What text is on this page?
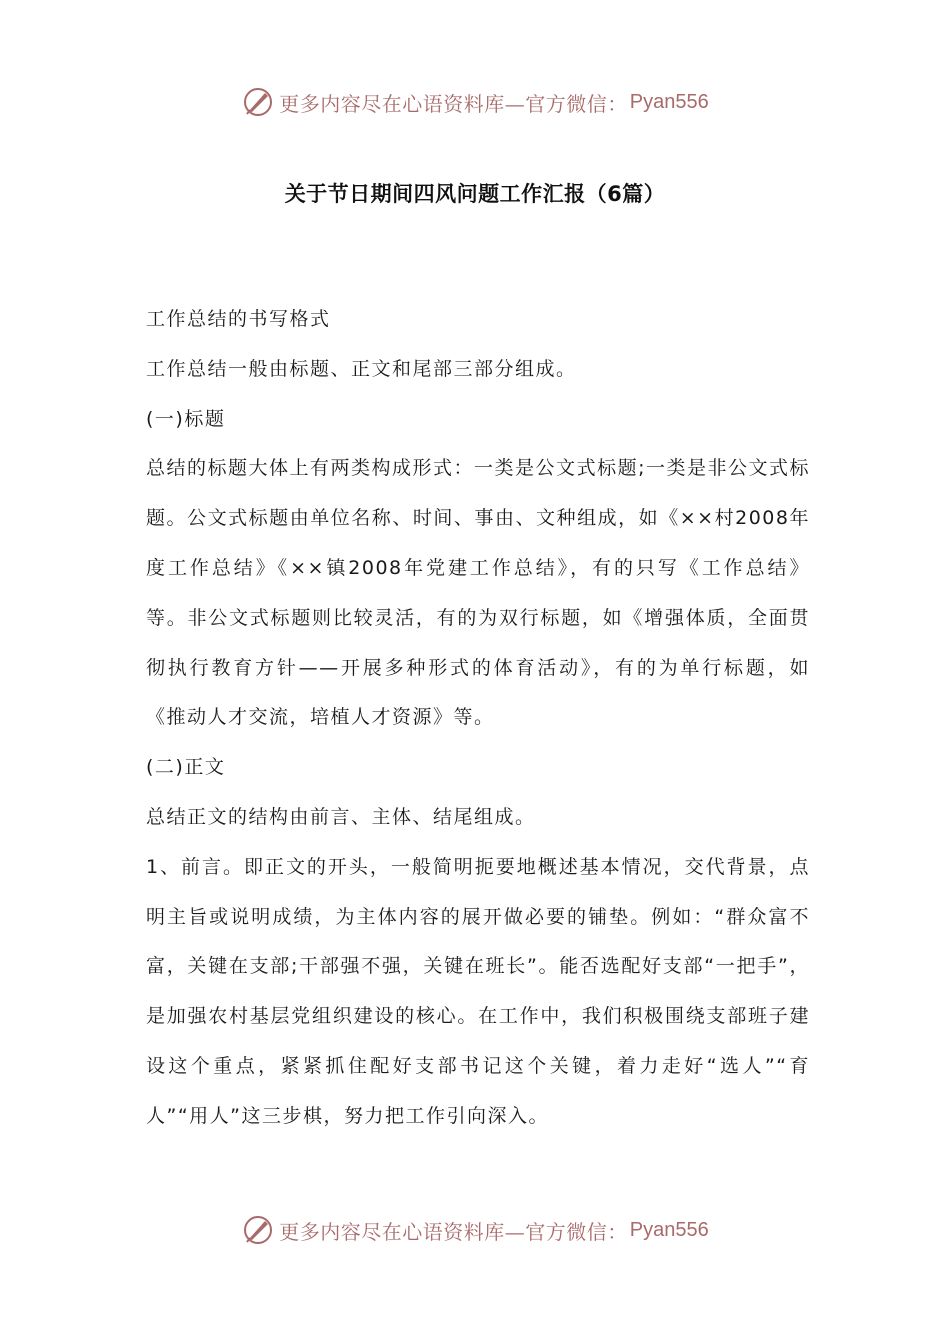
更多内容尽在心语资料库—官方微信： Pyan556
关于节日期间四风问题工作汇报（6篇）

工作总结的书写格式

工作总结一般由标题、正文和尾部三部分组成。

(一)标题

总结的标题大体上有两类构成形式：一类是公文式标题;一类是非公文式标题。公文式标题由单位名称、时间、事由、文种组成，如《××村2008年度工作总结》《××镇2008年党建工作总结》，有的只写《工作总结》等。非公文式标题则比较灵活，有的为双行标题，如《增强体质，全面贯彻执行教育方针——开展多种形式的体育活动》，有的为单行标题，如《推动人才交流，培植人才资源》等。

(二)正文

总结正文的结构由前言、主体、结尾组成。

1、前言。即正文的开头，一般简明扼要地概述基本情况，交代背景，点明主旨或说明成绩，为主体内容的展开做必要的铺垫。例如：“群众富不富，关键在支部;干部强不强，关键在班长”。能否选配好支部“一把手”，是加强农村基层党组织建设的核心。在工作中，我们积极围绕支部班子建设这个重点，紧紧抓住配好支部书记这个关键，着力走好“选人”“育人”“用人”这三步棋，努力把工作引向深入。

更多内容尽在心语资料库—官方微信： Pyan556
